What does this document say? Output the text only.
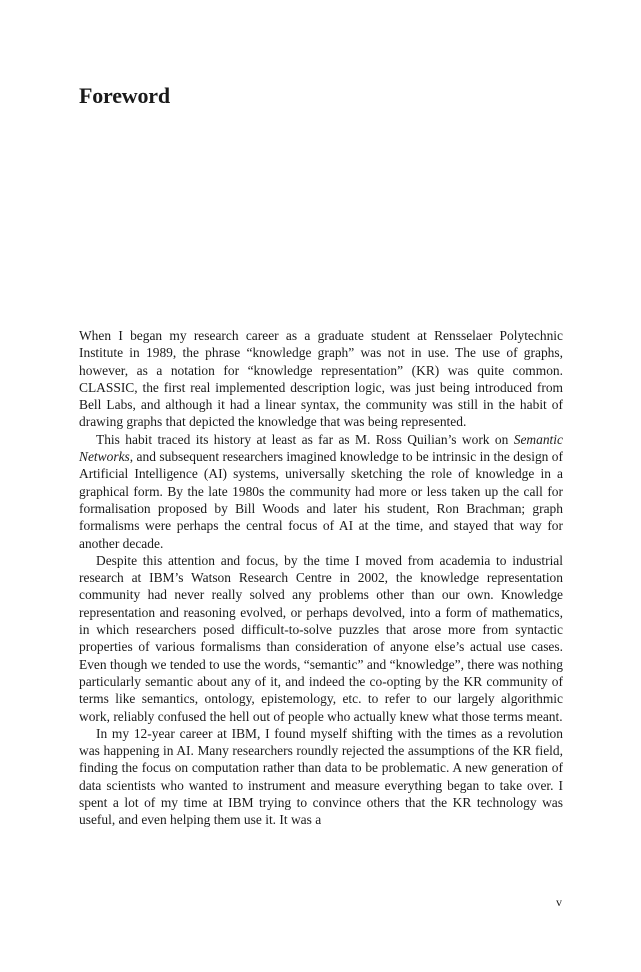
Foreword

When I began my research career as a graduate student at Rensselaer Polytechnic Institute in 1989, the phrase “knowledge graph” was not in use. The use of graphs, however, as a notation for “knowledge representation” (KR) was quite common. CLASSIC, the first real implemented description logic, was just being introduced from Bell Labs, and although it had a linear syntax, the community was still in the habit of drawing graphs that depicted the knowledge that was being represented.

This habit traced its history at least as far as M. Ross Quilian’s work on Semantic Networks, and subsequent researchers imagined knowledge to be intrinsic in the design of Artificial Intelligence (AI) systems, universally sketching the role of knowledge in a graphical form. By the late 1980s the community had more or less taken up the call for formalisation proposed by Bill Woods and later his student, Ron Brachman; graph formalisms were perhaps the central focus of AI at the time, and stayed that way for another decade.

Despite this attention and focus, by the time I moved from academia to industrial research at IBM’s Watson Research Centre in 2002, the knowledge representation community had never really solved any problems other than our own. Knowledge representation and reasoning evolved, or perhaps devolved, into a form of mathematics, in which researchers posed difficult-to-solve puzzles that arose more from syntactic properties of various formalisms than consideration of anyone else’s actual use cases. Even though we tended to use the words, “semantic” and “knowledge”, there was nothing particularly semantic about any of it, and indeed the co-opting by the KR community of terms like semantics, ontology, epistemology, etc. to refer to our largely algorithmic work, reliably confused the hell out of people who actually knew what those terms meant.

In my 12-year career at IBM, I found myself shifting with the times as a revolution was happening in AI. Many researchers roundly rejected the assumptions of the KR field, finding the focus on computation rather than data to be problematic. A new generation of data scientists who wanted to instrument and measure everything began to take over. I spent a lot of my time at IBM trying to convince others that the KR technology was useful, and even helping them use it. It was a

v
